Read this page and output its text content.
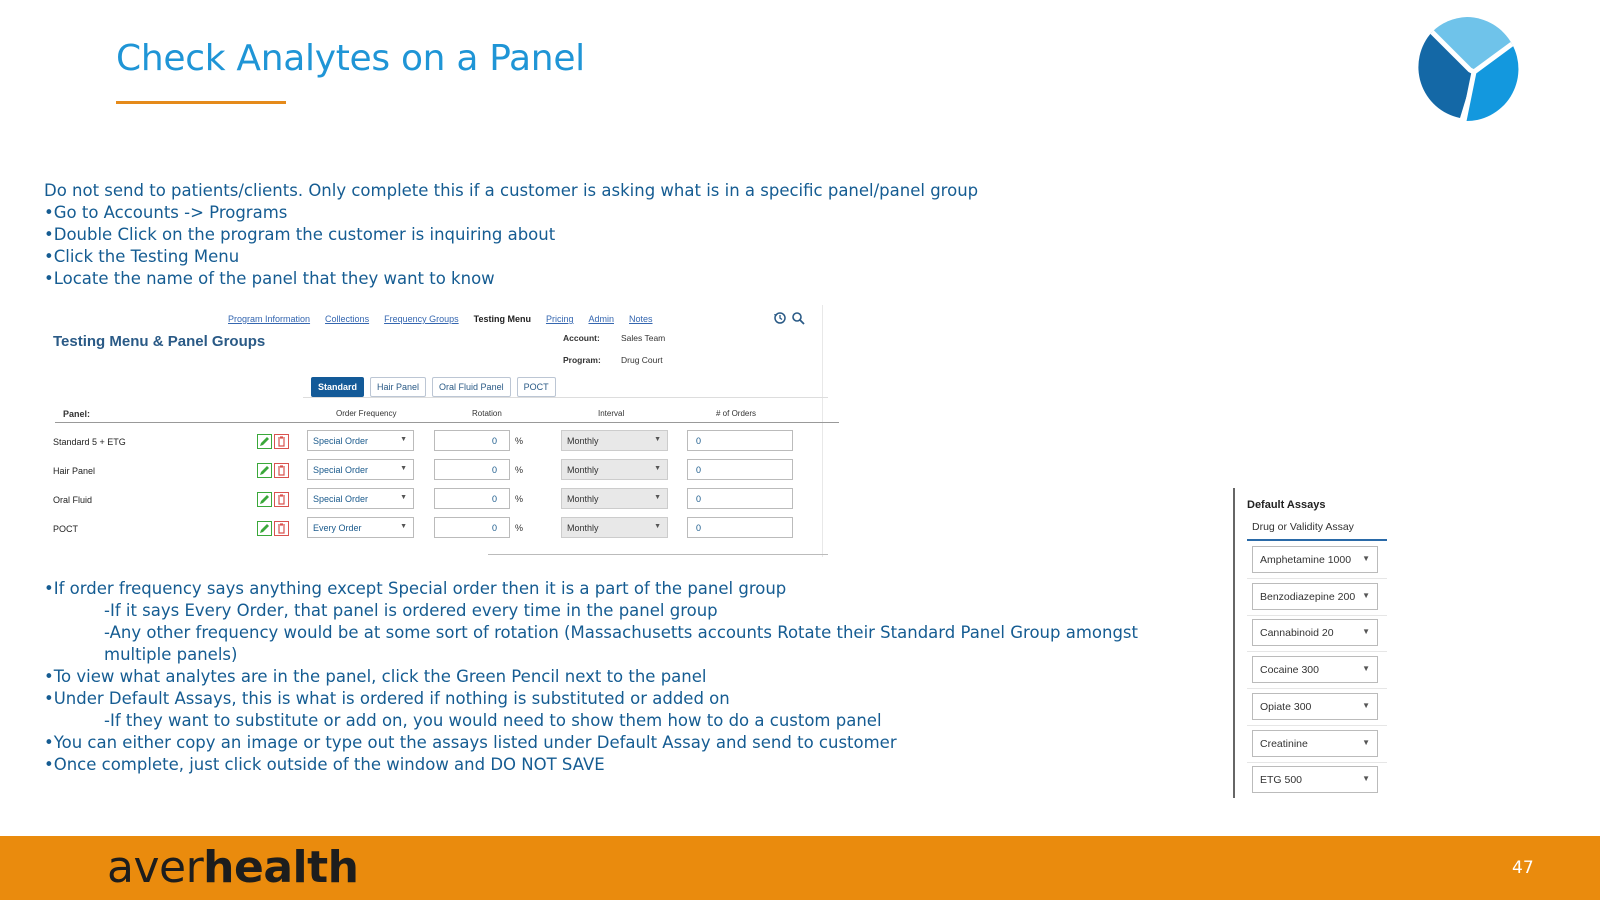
Check Analytes on a Panel
Do not send to patients/clients. Only complete this if a customer is asking what is in a specific panel/panel group
•Go to Accounts -> Programs
•Double Click on the program the customer is inquiring about
•Click the Testing Menu
•Locate the name of the panel that they want to know
Program Information Collections Frequency Groups Testing Menu Pricing Admin Notes
Testing Menu & Panel Groups	Account: Sales Team
Program: Drug Court
Standard	Hair Panel	Oral Fluid Panel	POCT
Panel:	Order Frequency	Rotation	Interval	# of Orders
Standard 5 + ETG	Special Order	▼	0	%	Monthly	▼	0
Hair Panel	Special Order	▼	0	%	Monthly	▼	0
Oral Fluid	Special Order	▼	0	%	Monthly	▼	0
POCT	Every Order	▼	0	%	Monthly	▼	0
•If order frequency says anything except Special order then it is a part of the panel group
-If it says Every Order, that panel is ordered every time in the panel group
-Any other frequency would be at some sort of rotation (Massachusetts accounts Rotate their Standard Panel Group amongst multiple panels)
•To view what analytes are in the panel, click the Green Pencil next to the panel
•Under Default Assays, this is what is ordered if nothing is substituted or added on
-If they want to substitute or add on, you would need to show them how to do a custom panel
•You can either copy an image or type out the assays listed under Default Assay and send to customer
•Once complete, just click outside of the window and DO NOT SAVE
Default Assays
Drug or Validity Assay
Amphetamine 1000 ▼
Benzodiazepine 200 ▼
Cannabinoid 20	▼
Cocaine 300	▼
Opiate 300	▼
Creatinine	▼
ETG 500	▼
averhealth	47
